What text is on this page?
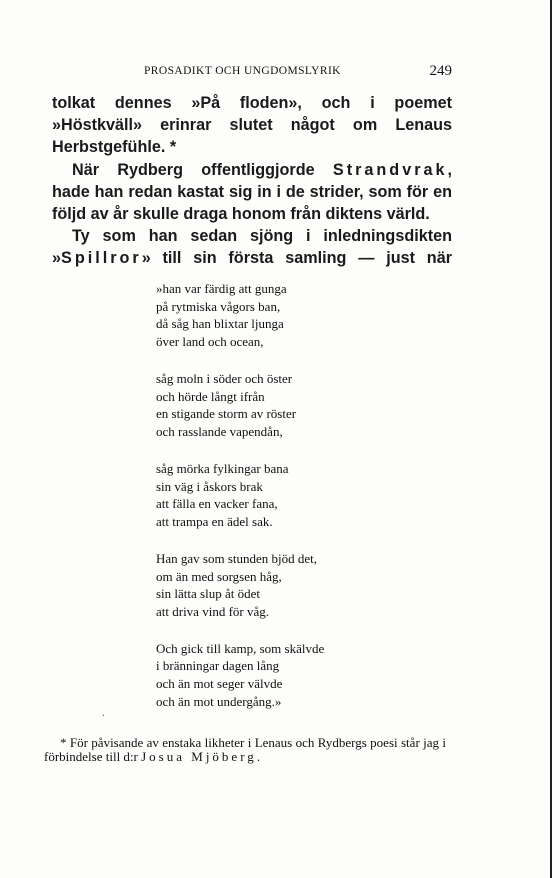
PROSADIKT OCH UNGDOMSLYRIK	249

tolkat dennes »På floden», och i poemet »Höstkväll» erinrar slutet något om Lenaus Herbstgefühle. *

När Rydberg offentliggjorde Strandvrak, hade han redan kastat sig in i de strider, som för en följd av år skulle draga honom från diktens värld.

Ty som han sedan sjöng i inledningsdikten »Spillror» till sin första samling — just när

»han var färdig att gunga
på rytmiska vågors ban,
då såg han blixtar ljunga
över land och ocean,
såg moln i söder och öster
och hörde långt ifrån
en stigande storm av röster
och rasslande vapendån,
såg mörka fylkingar bana
sin väg i åskors brak
att fälla en vacker fana,
att trampa en ädel sak.
Han gav som stunden bjöd det,
om än med sorgsen håg,
sin lätta slup åt ödet
att driva vind för våg.
Och gick till kamp, som skälvde
i bränningar dagen lång
och än mot seger välvde
och än mot undergång.»
.
* För påvisande av enstaka likheter i Lenaus och Rydbergs poesi står jag i förbindelse till d:r Josua Mjöberg.
